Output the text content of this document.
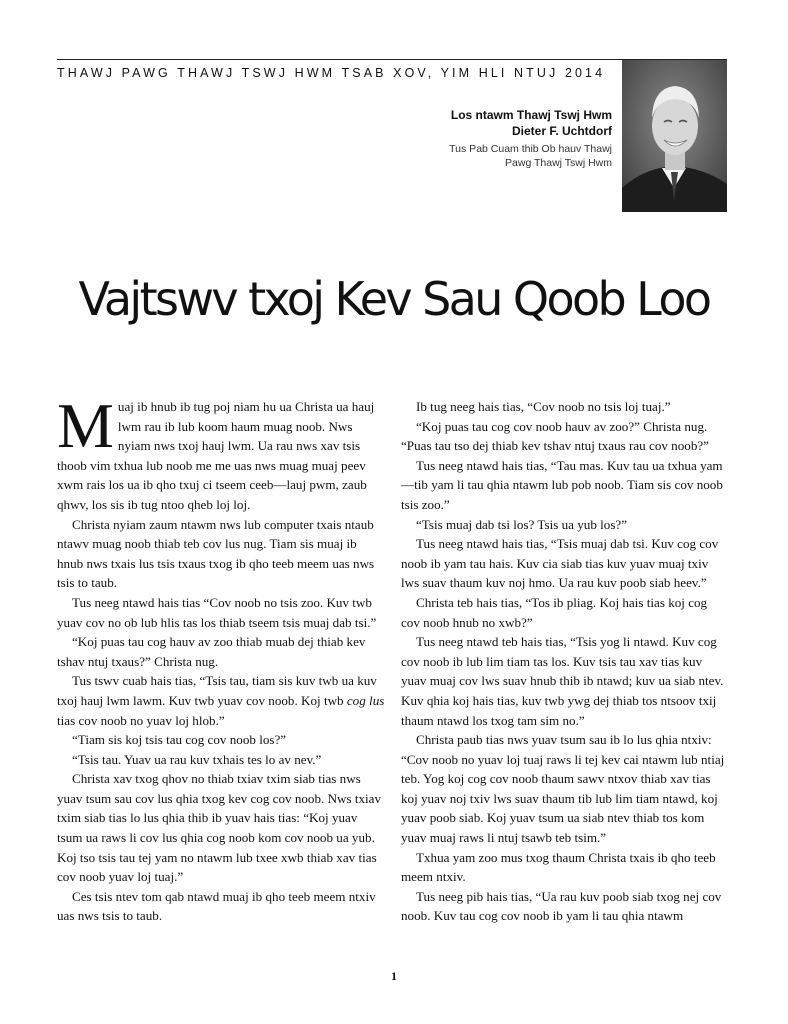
THAWJ PAWG THAWJ TSWJ HWM TSAB XOV, YIM HLI NTUJ 2014
Los ntawm Thawj Tswj Hwm
Dieter F. Uchtdorf
Tus Pab Cuam thib Ob hauv Thawj
Pawg Thawj Tswj Hwm
Vajtswv txoj Kev Sau Qoob Loo

Muaj ib hnub ib tug poj niam hu ua Christa ua hauj lwm rau ib lub koom haum muag noob. Nws nyiam nws txoj hauj lwm. Ua rau nws xav tsis thoob vim txhua lub noob me me uas nws muag muaj peev xwm rais los ua ib qho txuj ci tseem ceeb—lauj pwm, zaub qhwv, los sis ib tug ntoo qheb loj loj.

Christa nyiam zaum ntawm nws lub computer txais ntaub ntawv muag noob thiab teb cov lus nug. Tiam sis muaj ib hnub nws txais lus tsis txaus txog ib qho teeb meem uas nws tsis to taub.

Tus neeg ntawd hais tias “Cov noob no tsis zoo. Kuv twb yuav cov no ob lub hlis tas los thiab tseem tsis muaj dab tsi.”

“Koj puas tau cog hauv av zoo thiab muab dej thiab kev tshav ntuj txaus?” Christa nug.

Tus tswv cuab hais tias, “Tsis tau, tiam sis kuv twb ua kuv txoj hauj lwm lawm. Kuv twb yuav cov noob. Koj twb cog lus tias cov noob no yuav loj hlob.”

“Tiam sis koj tsis tau cog cov noob los?”

“Tsis tau. Yuav ua rau kuv txhais tes lo av nev.”

Christa xav txog qhov no thiab txiav txim siab tias nws yuav tsum sau cov lus qhia txog kev cog cov noob. Nws txiav txim siab tias lo lus qhia thib ib yuav hais tias: “Koj yuav tsum ua raws li cov lus qhia cog noob kom cov noob ua yub. Koj tso tsis tau tej yam no ntawm lub txee xwb thiab xav tias cov noob yuav loj tuaj.”

Ces tsis ntev tom qab ntawd muaj ib qho teeb meem ntxiv uas nws tsis to taub.

Ib tug neeg hais tias, “Cov noob no tsis loj tuaj.”

“Koj puas tau cog cov noob hauv av zoo?” Christa nug. “Puas tau tso dej thiab kev tshav ntuj txaus rau cov noob?”

Tus neeg ntawd hais tias, “Tau mas. Kuv tau ua txhua yam—tib yam li tau qhia ntawm lub pob noob. Tiam sis cov noob tsis zoo.”

“Tsis muaj dab tsi los? Tsis ua yub los?”

Tus neeg ntawd hais tias, “Tsis muaj dab tsi. Kuv cog cov noob ib yam tau hais. Kuv cia siab tias kuv yuav muaj txiv lws suav thaum kuv noj hmo. Ua rau kuv poob siab heev.”

Christa teb hais tias, “Tos ib pliag. Koj hais tias koj cog cov noob hnub no xwb?”

Tus neeg ntawd teb hais tias, “Tsis yog li ntawd. Kuv cog cov noob ib lub lim tiam tas los. Kuv tsis tau xav tias kuv yuav muaj cov lws suav hnub thib ib ntawd; kuv ua siab ntev. Kuv qhia koj hais tias, kuv twb ywg dej thiab tos ntsoov txij thaum ntawd los txog tam sim no.”

Christa paub tias nws yuav tsum sau ib lo lus qhia ntxiv: “Cov noob no yuav loj tuaj raws li tej kev cai ntawm lub ntiaj teb. Yog koj cog cov noob thaum sawv ntxov thiab xav tias koj yuav noj txiv lws suav thaum tib lub lim tiam ntawd, koj yuav poob siab. Koj yuav tsum ua siab ntev thiab tos kom yuav muaj raws li ntuj tsawb teb tsim.”

Txhua yam zoo mus txog thaum Christa txais ib qho teeb meem ntxiv.

Tus neeg pib hais tias, “Ua rau kuv poob siab txog nej cov noob. Kuv tau cog cov noob ib yam li tau qhia ntawm

1
